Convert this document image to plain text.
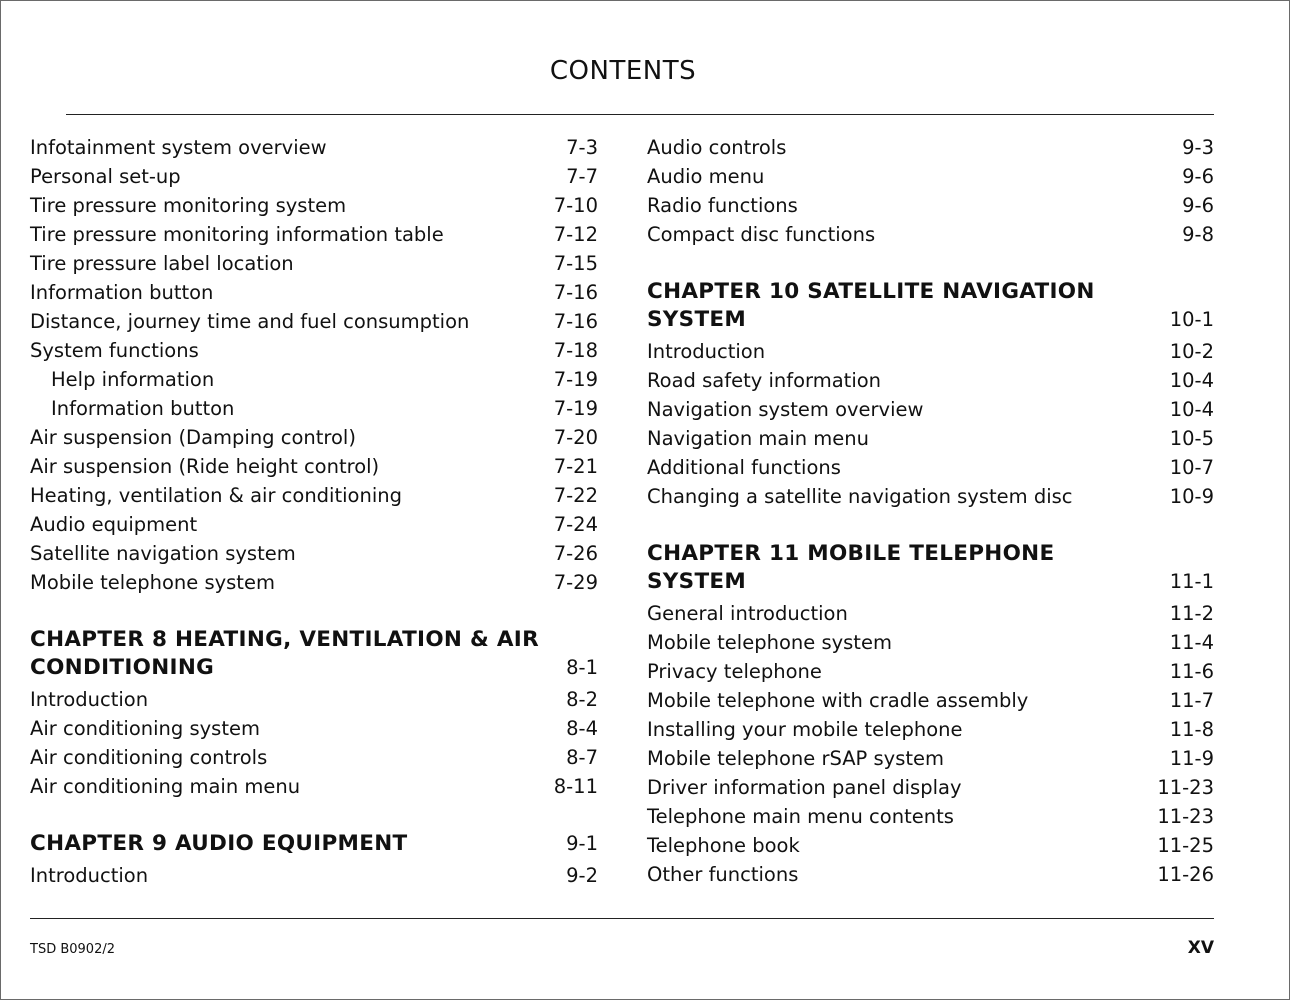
CONTENTS
Infotainment system overview	7-3
Personal set-up	7-7
Tire pressure monitoring system	7-10
Tire pressure monitoring information table	7-12
Tire pressure label location	7-15
Information button	7-16
Distance, journey time and fuel consumption	7-16
System functions	7-18
Help information	7-19
Information button	7-19
Air suspension (Damping control)	7-20
Air suspension (Ride height control)	7-21
Heating, ventilation & air conditioning	7-22
Audio equipment	7-24
Satellite navigation system	7-26
Mobile telephone system	7-29
CHAPTER 8 HEATING, VENTILATION & AIR
CONDITIONING	8-1
Introduction	8-2
Air conditioning system	8-4
Air conditioning controls	8-7
Air conditioning main menu	8-11
CHAPTER 9 AUDIO EQUIPMENT	9-1
Introduction	9-2
Audio controls	9-3
Audio menu	9-6
Radio functions	9-6
Compact disc functions	9-8
CHAPTER 10 SATELLITE NAVIGATION
SYSTEM	10-1
Introduction	10-2
Road safety information	10-4
Navigation system overview	10-4
Navigation main menu	10-5
Additional functions	10-7
Changing a satellite navigation system disc	10-9
CHAPTER 11 MOBILE TELEPHONE
SYSTEM	11-1
General introduction	11-2
Mobile telephone system	11-4
Privacy telephone	11-6
Mobile telephone with cradle assembly	11-7
Installing your mobile telephone	11-8
Mobile telephone rSAP system	11-9
Driver information panel display	11-23
Telephone main menu contents	11-23
Telephone book	11-25
Other functions	11-26
TSD B0902/2	XV
